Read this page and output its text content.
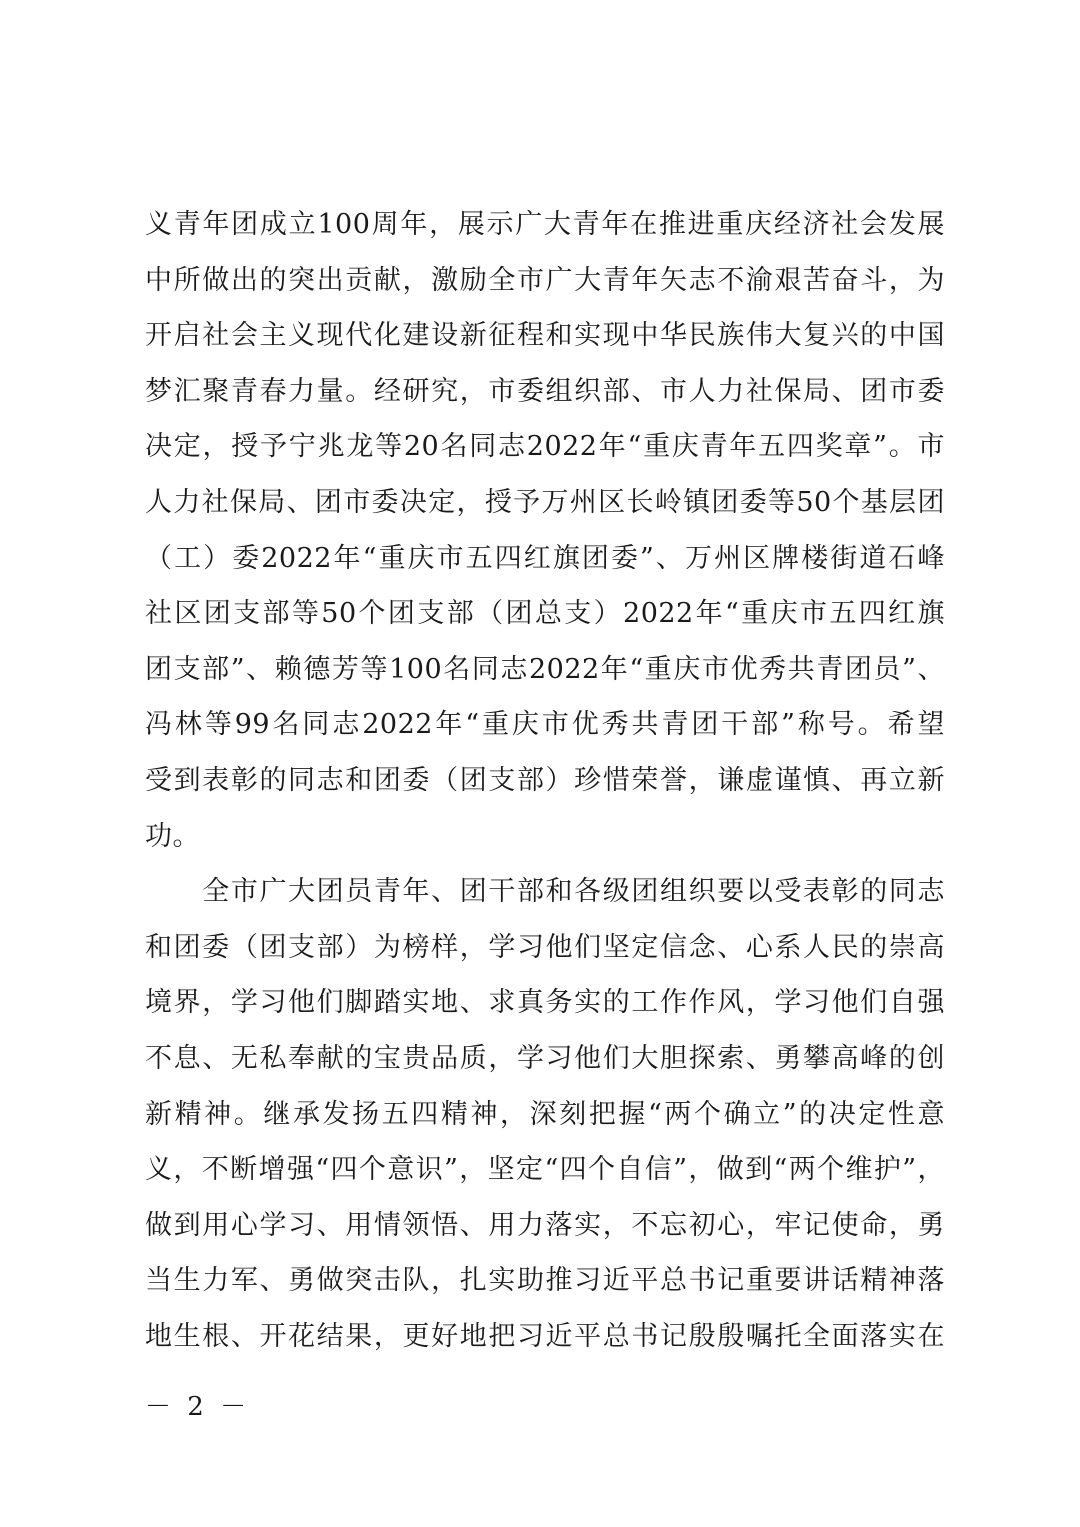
义青年团成立100周年，展示广大青年在推进重庆经济社会发展
中所做出的突出贡献，激励全市广大青年矢志不渝艰苦奋斗，为
开启社会主义现代化建设新征程和实现中华民族伟大复兴的中国
梦汇聚青春力量。经研究，市委组织部、市人力社保局、团市委
决定，授予宁兆龙等20名同志2022年“重庆青年五四奖章”。市
人力社保局、团市委决定，授予万州区长岭镇团委等50个基层团
（工）委2022年“重庆市五四红旗团委”、万州区牌楼街道石峰
社区团支部等50个团支部（团总支）2022年“重庆市五四红旗
团支部”、赖德芳等100名同志2022年“重庆市优秀共青团员”、
冯林等99名同志2022年“重庆市优秀共青团干部”称号。希望
受到表彰的同志和团委（团支部）珍惜荣誉，谦虚谨慎、再立新
功。
　　全市广大团员青年、团干部和各级团组织要以受表彰的同志
和团委（团支部）为榜样，学习他们坚定信念、心系人民的崇高
境界，学习他们脚踏实地、求真务实的工作作风，学习他们自强
不息、无私奉献的宝贵品质，学习他们大胆探索、勇攀高峰的创
新精神。继承发扬五四精神，深刻把握“两个确立”的决定性意
义，不断增强“四个意识”，坚定“四个自信”，做到“两个维护”，
做到用心学习、用情领悟、用力落实，不忘初心，牢记使命，勇
当生力军、勇做突击队，扎实助推习近平总书记重要讲话精神落
地生根、开花结果，更好地把习近平总书记殷殷嘱托全面落实在
－ 2 －
